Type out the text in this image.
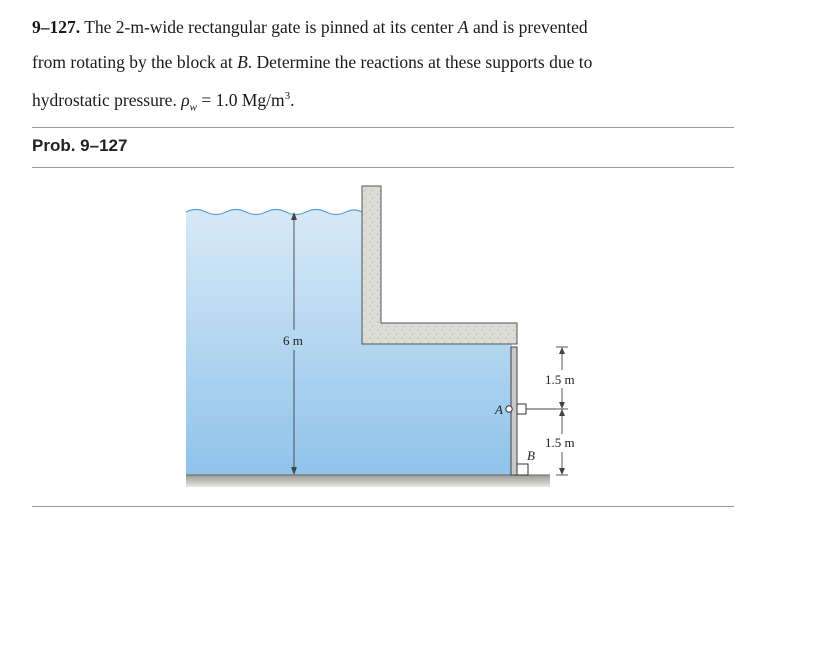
9–127. The 2-m-wide rectangular gate is pinned at its center A and is prevented
from rotating by the block at B. Determine the reactions at these supports due to
hydrostatic pressure. $\rho_w = 1.0$ $Mg/m^3$.
Prob. 9–127
A
B
6 m
1.5 m
1.5 m
